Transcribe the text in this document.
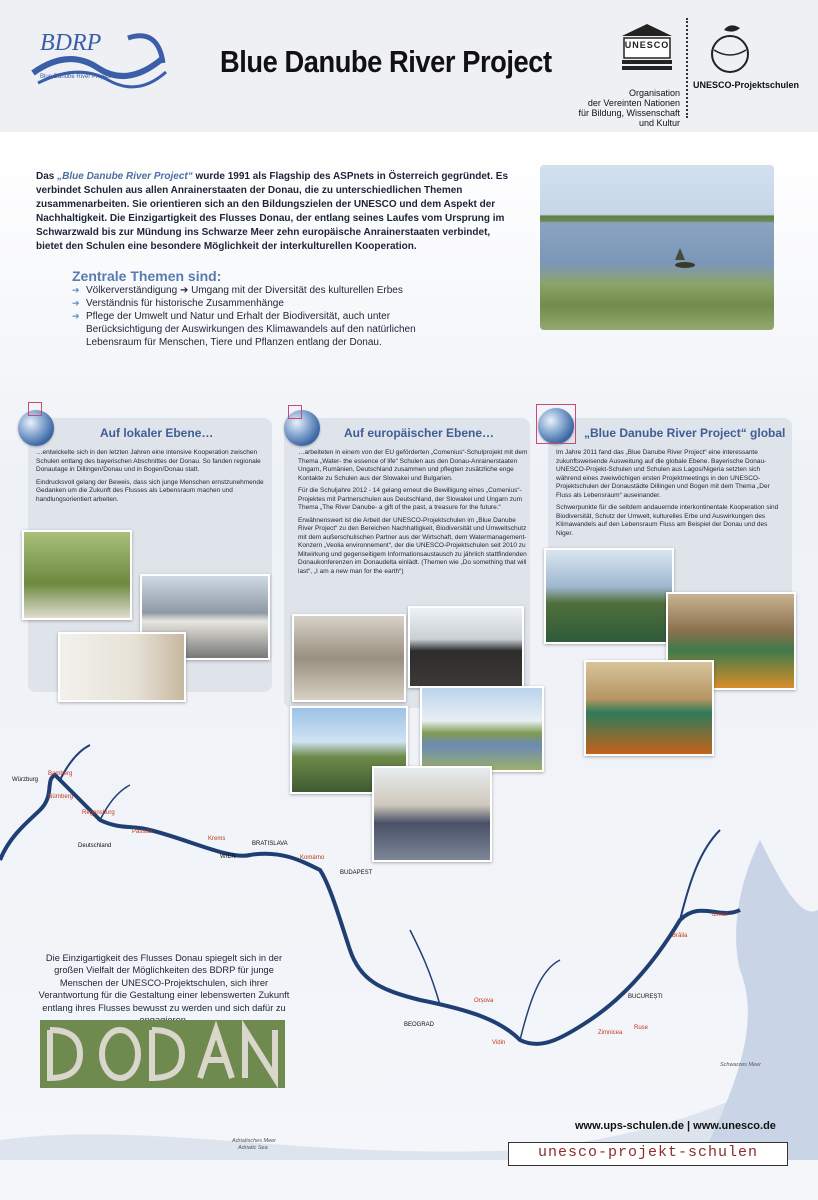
BDRP
Blue Danube River Project	Blue Danube River Project	UNESCO
Organisation
der Vereinten Nationen
für Bildung, Wissenschaft
und Kultur
UNESCO-Projektschulen
Das „Blue Danube River Project“ wurde 1991 als Flagship des ASPnets in Österreich gegründet. Es verbindet Schulen aus allen Anrainerstaaten der Donau, die zu unterschiedlichen Themen zusammenarbeiten. Sie orientieren sich an den Bildungszielen der UNESCO und dem Aspekt der Nachhaltigkeit. Die Einzigartigkeit des Flusses Donau, der entlang seines Laufes vom Ursprung im Schwarzwald bis zur Mündung ins Schwarze Meer zehn europäische Anrainerstaaten verbindet, bietet den Schulen eine besondere Möglichkeit der interkulturellen Kooperation.
Zentrale Themen sind:
➔ Völkerverständigung ➔ Umgang mit der Diversität des kulturellen Erbes
➔ Verständnis für historische Zusammenhänge
➔ Pflege der Umwelt und Natur und Erhalt der Biodiversität, auch unter Berücksichtigung der Auswirkungen des Klimawandels auf den natürlichen Lebensraum für Menschen, Tiere und Pflanzen entlang der Donau.
Auf lokaler Ebene…

…entwickelte sich in den letzten Jahren eine intensive Kooperation zwischen Schulen entlang des bayerischen Abschnittes der Donau. So fanden regionale Donautage in Dillingen/Donau und in Bogen/Donau statt.

Eindrucksvoll gelang der Beweis, dass sich junge Menschen ernstzunehmende Gedanken um die Zukunft des Flusses als Lebensraum machen und handlungsorientiert arbeiten.

Auf europäischer Ebene…

…arbeiteten in einem von der EU geförderten „Comenius“-Schulprojekt mit dem Thema „Water- the essence of life“ Schulen aus den Donau-Anrainerstaaten Ungarn, Rumänien, Deutschland zusammen und pflegten zusätzliche enge Kontakte zu Schulen aus der Slowakei und Bulgarien.

Für die Schuljahre 2012 - 14 gelang erneut die Bewilligung eines „Comenius“-Projektes mit Partnerschulen aus Deutschland, der Slowakei und Ungarn zum Thema „The River Danube- a gift of the past, a treasure for the future.“

Erwähnenswert ist die Arbeit der UNESCO-Projektschulen im „Blue Danube River Project“ zu den Bereichen Nachhaltigkeit, Biodiversität und Umweltschutz mit dem außerschulischen Partner aus der Wirtschaft, dem Watermanagement-Konzern „Veolia environnement“, der die UNESCO-Projektschulen seit 2010 zu Mitwirkung und gegenseitigem Informationsaustausch zu jährlich stattfindenden Donaukonferenzen im Donaudelta einlädt. (Themen wie „Do something that will last“, „I am a new man for the earth“)

„Blue Danube River Project“ global

Im Jahre 2011 fand das „Blue Danube River Project“ eine interessante zukunftsweisende Ausweitung auf die globale Ebene. Bayerische Donau-UNESCO-Projekt-Schulen und Schulen aus Lagos/Nigeria setzten sich während eines zweiwöchigen ersten Projektmeetings in den UNESCO-Projektschulen der Donaustädte Dillingen und Bogen mit dem Thema „Der Fluss als Lebensraum“ auseinander.

Schwerpunkte für die seitdem andauernde interkontinentale Kooperation sind Biodiversität, Schutz der Umwelt, kulturelles Erbe und Auswirkungen des Klimawandels auf den Lebensraum Fluss am Beispiel der Donau und des Niger.

Würzburg
Bamberg
Nürnberg
Regensburg
Passau
Deutschland
Krems
WIEN
BRATISLAVA
Komárno
BUDAPEST
BEOGRAD
Orșova
Vidin
Zimnicea
Ruse
BUCUREȘTI
Brăila
Izmail
Schwarzes Meer
Adriatisches Meer
Adriatic Sea
Die Einzigartigkeit des Flusses Donau spiegelt sich in der großen Vielfalt der Möglichkeiten des BDRP für junge Menschen der UNESCO-Projektschulen, sich ihrer Verantwortung für die Gestaltung einer lebenswerten Zukunft entlang ihres Flusses bewusst zu werden und sich dafür zu
www.ups-schulen.de | www.unesco.de
unesco-projekt-schulen
